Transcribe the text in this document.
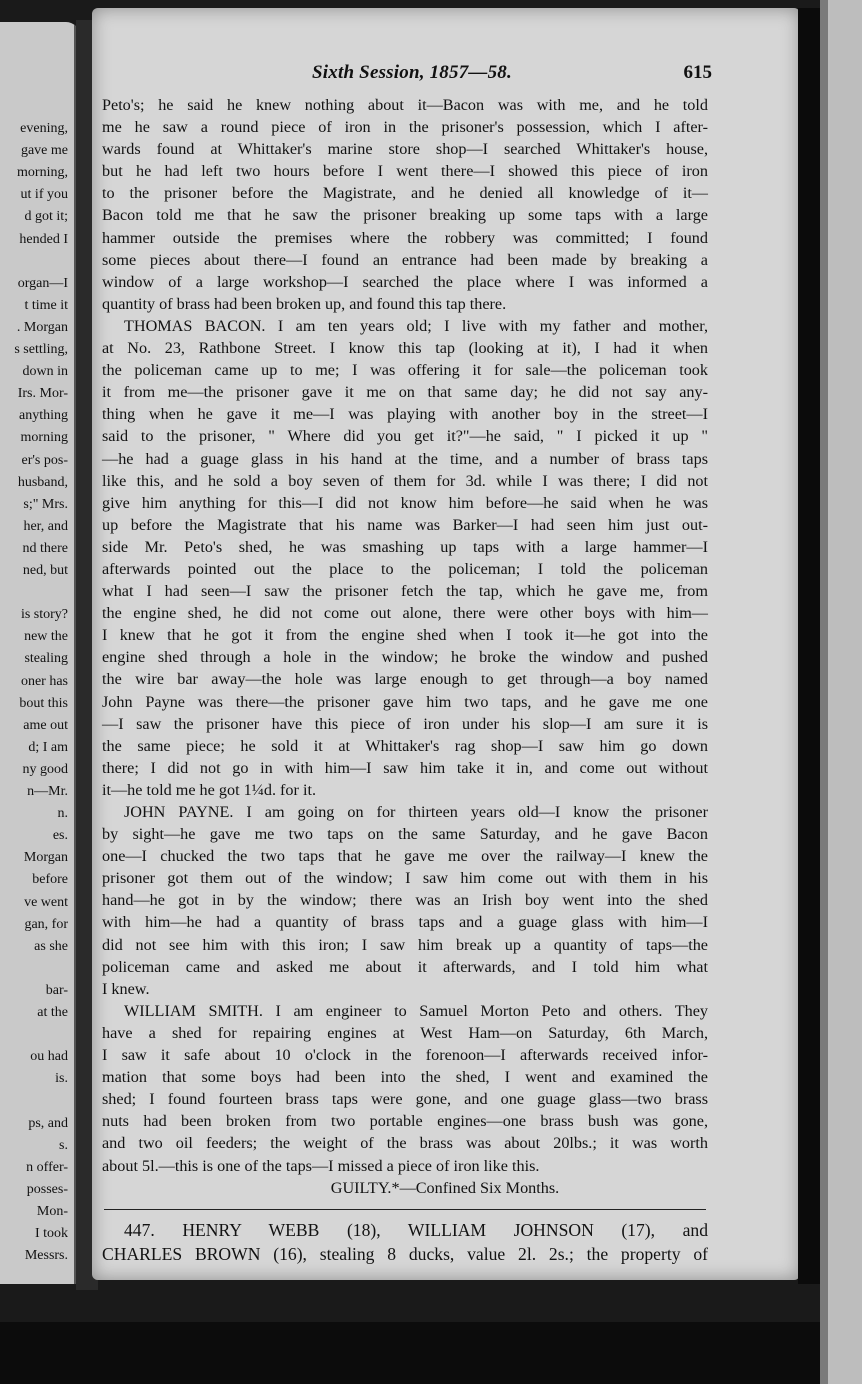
evening,
gave me
morning,
ut if you
d got it;
hended I
organ—I
t time it
. Morgan
s settling,
down in
Irs. Mor-
anything
morning
er's pos-
husband,
s;" Mrs.
her, and
nd there
ned, but
is story?
new the
stealing
oner has
bout this
ame out
d; I am
ny good
n—Mr.
n.
es.
Morgan
before
ve went
gan, for
as she
bar-
at the
ou had
is.
ps, and
s.
n offer-
posses-
Mon-
I took
Messrs.
Sixth Session, 1857—58.	615
Peto's; he said he knew nothing about it—Bacon was with me, and he told
me he saw a round piece of iron in the prisoner's possession, which I after-
wards found at Whittaker's marine store shop—I searched Whittaker's house,
but he had left two hours before I went there—I showed this piece of iron
to the prisoner before the Magistrate, and he denied all knowledge of it—
Bacon told me that he saw the prisoner breaking up some taps with a large
hammer outside the premises where the robbery was committed; I found
some pieces about there—I found an entrance had been made by breaking a
window of a large workshop—I searched the place where I was informed a
quantity of brass had been broken up, and found this tap there.
THOMAS BACON. I am ten years old; I live with my father and mother,
at No. 23, Rathbone Street. I know this tap (looking at it), I had it when
the policeman came up to me; I was offering it for sale—the policeman took
it from me—the prisoner gave it me on that same day; he did not say any-
thing when he gave it me—I was playing with another boy in the street—I
said to the prisoner, " Where did you get it?"—he said, " I picked it up "
—he had a guage glass in his hand at the time, and a number of brass taps
like this, and he sold a boy seven of them for 3d. while I was there; I did not
give him anything for this—I did not know him before—he said when he was
up before the Magistrate that his name was Barker—I had seen him just out-
side Mr. Peto's shed, he was smashing up taps with a large hammer—I
afterwards pointed out the place to the policeman; I told the policeman
what I had seen—I saw the prisoner fetch the tap, which he gave me, from
the engine shed, he did not come out alone, there were other boys with him—
I knew that he got it from the engine shed when I took it—he got into the
engine shed through a hole in the window; he broke the window and pushed
the wire bar away—the hole was large enough to get through—a boy named
John Payne was there—the prisoner gave him two taps, and he gave me one
—I saw the prisoner have this piece of iron under his slop—I am sure it is
the same piece; he sold it at Whittaker's rag shop—I saw him go down
there; I did not go in with him—I saw him take it in, and come out without
it—he told me he got 1¼d. for it.
JOHN PAYNE. I am going on for thirteen years old—I know the prisoner
by sight—he gave me two taps on the same Saturday, and he gave Bacon
one—I chucked the two taps that he gave me over the railway—I knew the
prisoner got them out of the window; I saw him come out with them in his
hand—he got in by the window; there was an Irish boy went into the shed
with him—he had a quantity of brass taps and a guage glass with him—I
did not see him with this iron; I saw him break up a quantity of taps—the
policeman came and asked me about it afterwards, and I told him what
I knew.
WILLIAM SMITH. I am engineer to Samuel Morton Peto and others. They
have a shed for repairing engines at West Ham—on Saturday, 6th March,
I saw it safe about 10 o'clock in the forenoon—I afterwards received infor-
mation that some boys had been into the shed, I went and examined the
shed; I found fourteen brass taps were gone, and one guage glass—two brass
nuts had been broken from two portable engines—one brass bush was gone,
and two oil feeders; the weight of the brass was about 20lbs.; it was worth
about 5l.—this is one of the taps—I missed a piece of iron like this.
GUILTY.*—Confined Six Months.
447. HENRY WEBB (18), WILLIAM JOHNSON (17), and
CHARLES BROWN (16), stealing 8 ducks, value 2l. 2s.; the property of
